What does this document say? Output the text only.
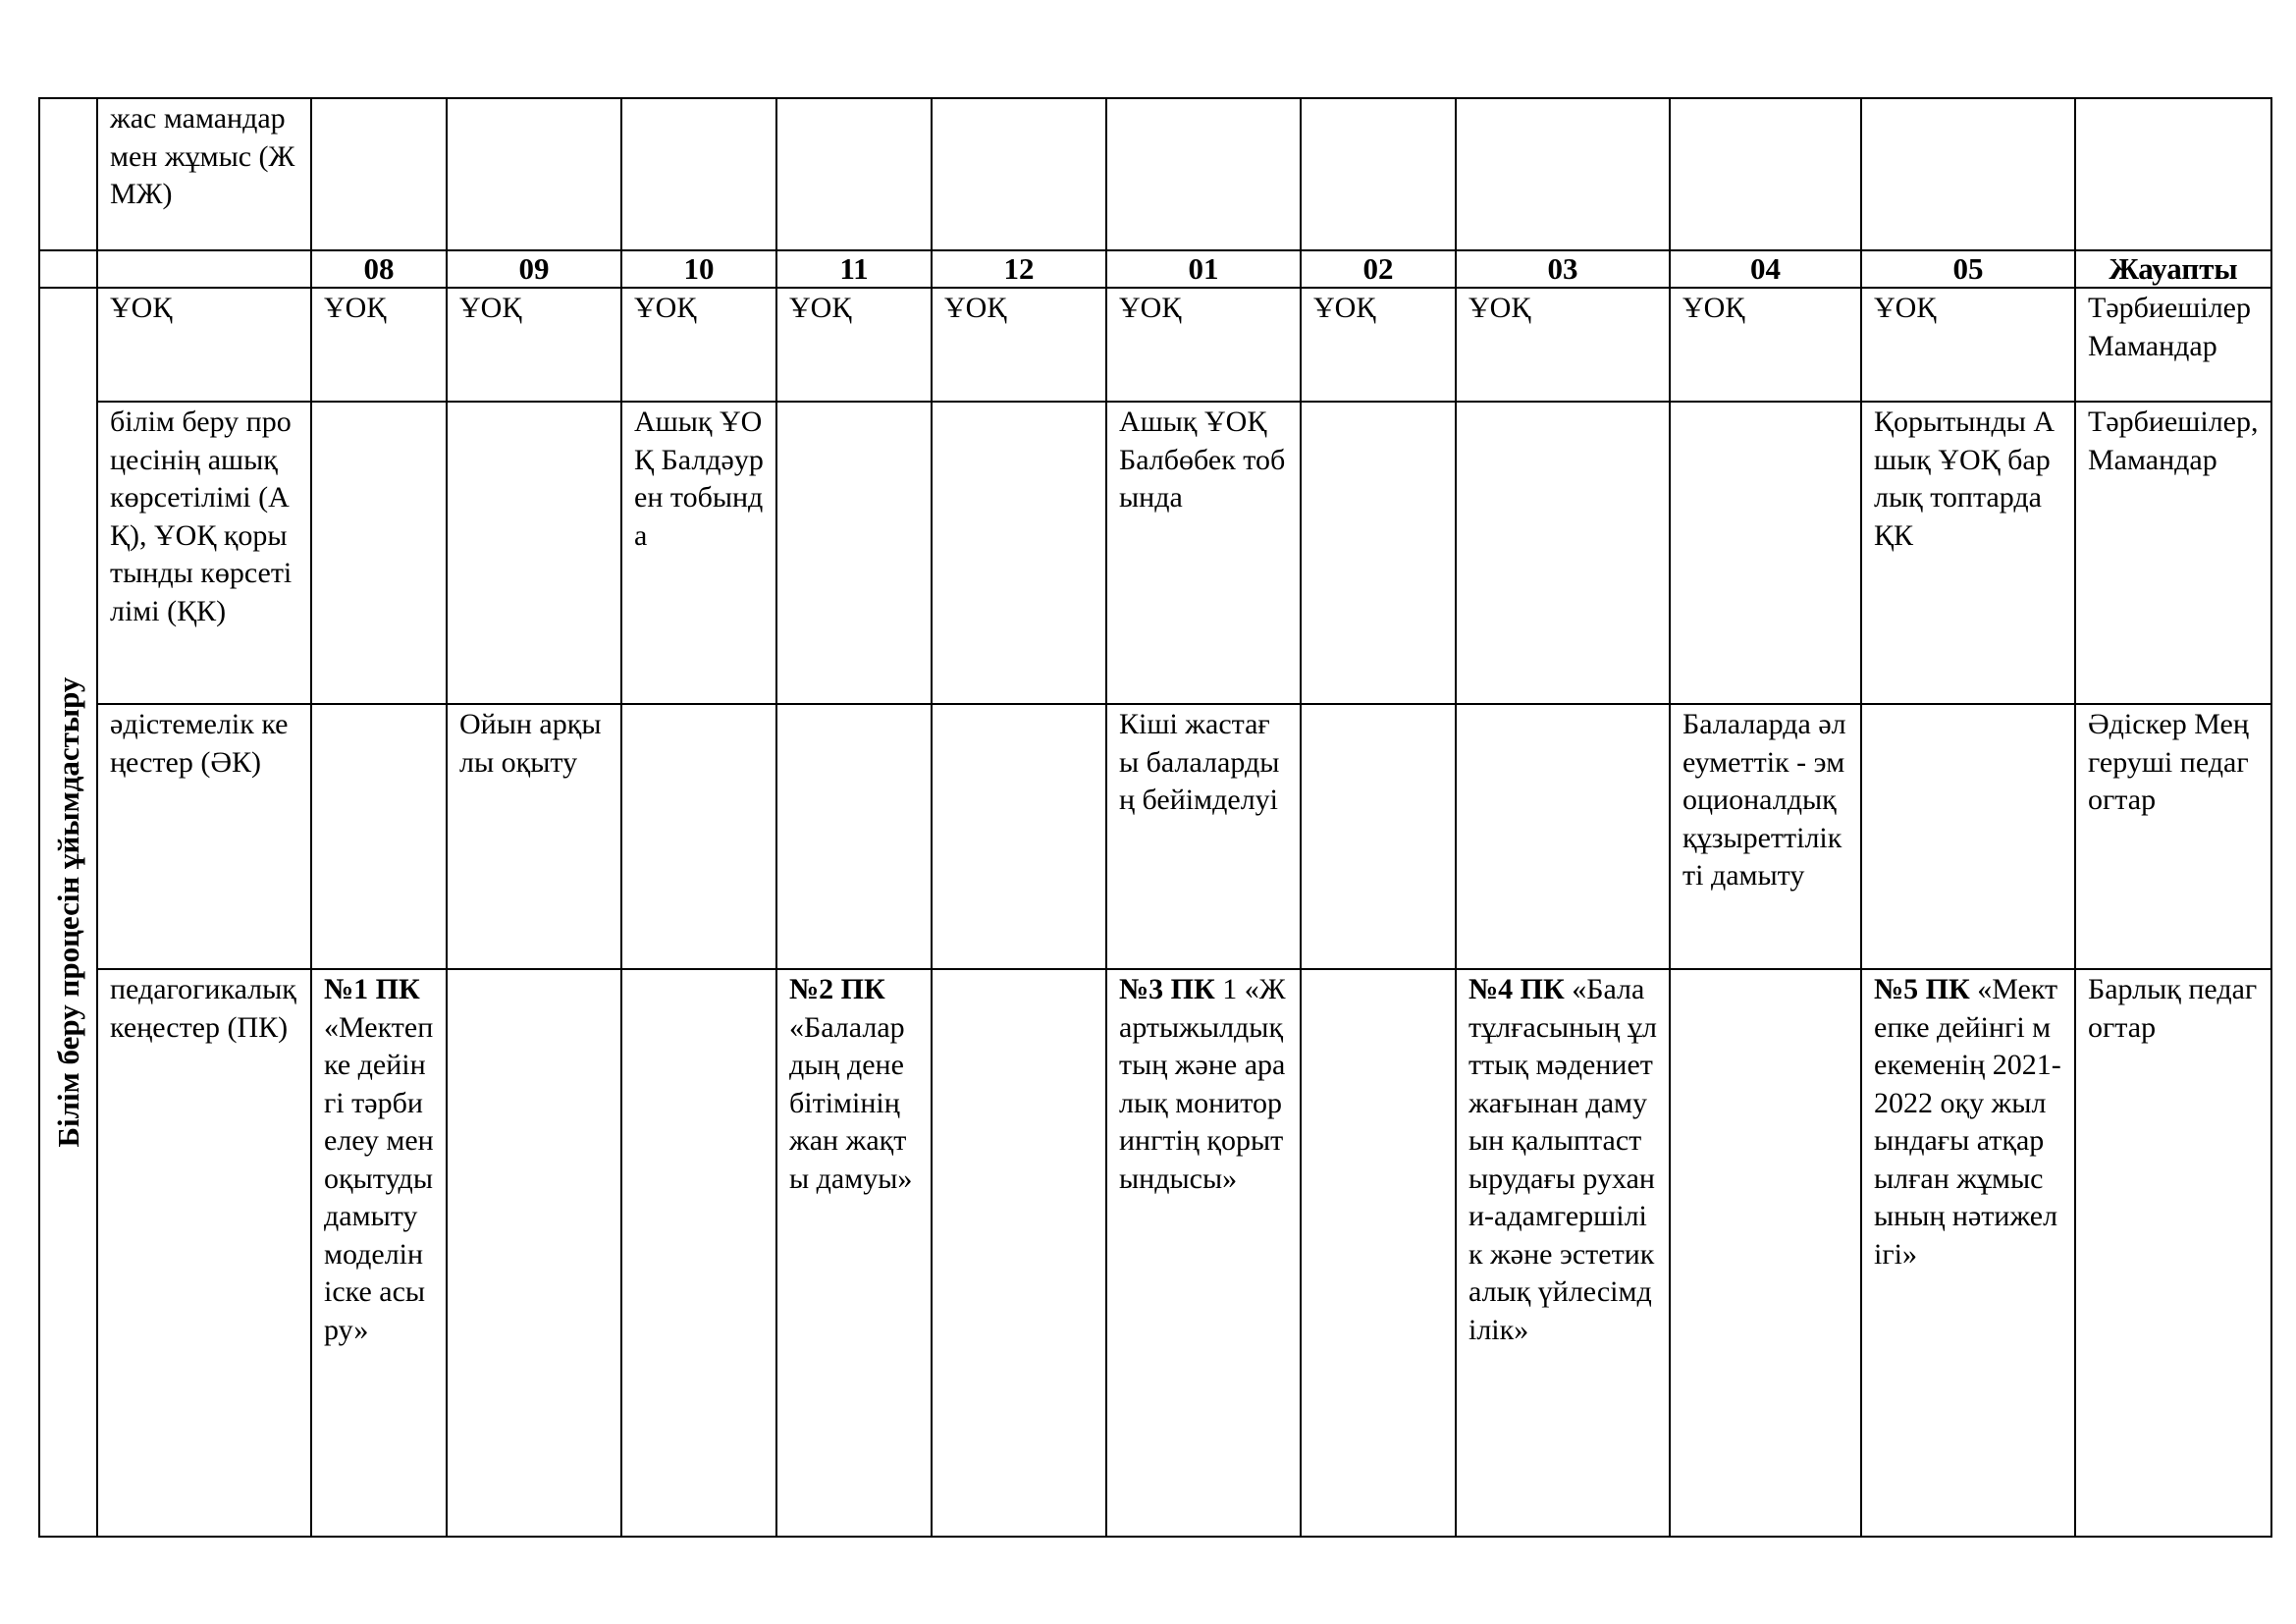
	жас мамандармен жұмыс (ЖМЖ)											
		08	09	10	11	12	01	02	03	04	05	Жауапты

Білім беру процесін ұйымдастыру	ҰОҚ	ҰОҚ	ҰОҚ	ҰОҚ	ҰОҚ	ҰОҚ	ҰОҚ	ҰОҚ	ҰОҚ	ҰОҚ	ҰОҚ	Тәрбиешілер Мамандар
	білім беру процесінің ашық көрсетілімі (АҚ), ҰОҚ қорытынды көрсетілімі (ҚК)			Ашық ҰОҚ Балдәурен тобында			Ашық ҰОҚ Балбөбек тобында				Қорытынды Ашық ҰОҚ барлық топтарда ҚК	Тәрбиешілер, Мамандар
	әдістемелік кеңестер (ӘК)		Ойын арқылы оқыту				Кіші жастағы балалардың бейімделуі			Балаларда әлеуметтік - эмоционалдық құзыреттілікті дамыту		Әдіскер Меңгеруші педагогтар
	педагогикалық кеңестер (ПК)	№1 ПК «Мектепке дейінгі тәрбиелеу мен оқытуды дамыту моделін іске асыру»			№2 ПК «Балалардың дене бітімінің жан жақты дамуы»		№3 ПК 1 «Жартыжылдықтың және аралық мониторингтің қорытындысы»		№4 ПК «Бала тұлғасының ұлттық мәдениет жағынан дамуын қалыптастырудағы рухани-адамгершілік және эстетикалық үйлесімділік»		№5 ПК «Мектепке дейінгі мекеменің 2021-2022 оқу жылындағы атқарылған жұмысының нәтижелігі»	Барлық педагогтар
